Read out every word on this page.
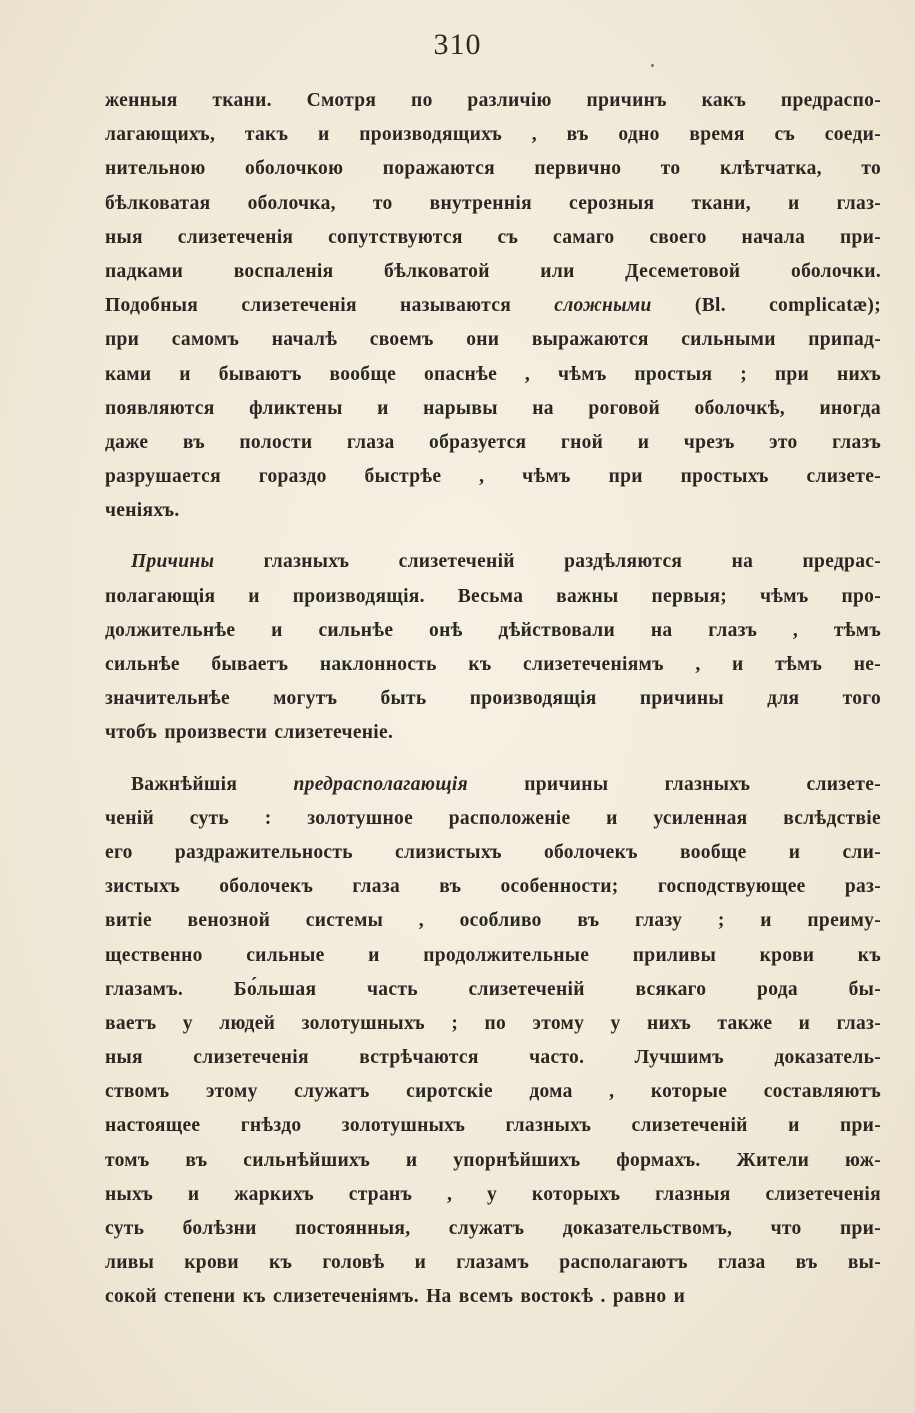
310
женныя ткани. Смотря по различію причинъ какъ предраспо-
лагающихъ, такъ и производящихъ , въ одно время съ соеди-
нительною оболочкою поражаются первично то клѣтчатка, то
бѣлковатая оболочка, то внутреннія серозныя ткани, и глаз-
ныя слизетеченія сопутствуются съ самаго своего начала при-
падками воспаленія бѣлковатой или Десеметовой оболочки.
Подобныя слизетеченія называются сложными (Bl. complicatæ);
при самомъ началѣ своемъ они выражаются сильными припад-
ками и бываютъ вообще опаснѣе , чѣмъ простыя ; при нихъ
появляются фликтены и нарывы на роговой оболочкѣ, иногда
даже въ полости глаза образуется гной и чрезъ это глазъ
разрушается гораздо быстрѣе , чѣмъ при простыхъ слизете-
ченіяхъ.
Причины глазныхъ слизетеченій раздѣляются на предрас-
полагающія и производящія. Весьма важны первыя; чѣмъ про-
должительнѣе и сильнѣе онѣ дѣйствовали на глазъ , тѣмъ
сильнѣе бываетъ наклонность къ слизетеченіямъ , и тѣмъ не-
значительнѣе могутъ быть производящія причины для того
чтобъ произвести слизетеченіе.
Важнѣйшія предрасполагающія причины глазныхъ слизете-
ченій суть : золотушное расположеніе и усиленная вслѣдствіе
его раздражительность слизистыхъ оболочекъ вообще и сли-
зистыхъ оболочекъ глаза въ особенности; господствующее раз-
витіе венозной системы , особливо въ глазу ; и преиму-
щественно сильные и продолжительные приливы крови къ
глазамъ. Бо́льшая часть слизетеченій всякаго рода бы-
ваетъ у людей золотушныхъ ; по этому у нихъ также и глаз-
ныя слизетеченія встрѣчаются часто. Лучшимъ доказатель-
ствомъ этому служатъ сиротскіе дома , которые составляютъ
настоящее гнѣздо золотушныхъ глазныхъ слизетеченій и при-
томъ въ сильнѣйшихъ и упорнѣйшихъ формахъ. Жители юж-
ныхъ и жаркихъ странъ , у которыхъ глазныя слизетеченія
суть болѣзни постоянныя, служатъ доказательствомъ, что при-
ливы крови къ головѣ и глазамъ располагаютъ глаза въ вы-
сокой степени къ слизетеченіямъ. На всемъ востокѣ . равно и
